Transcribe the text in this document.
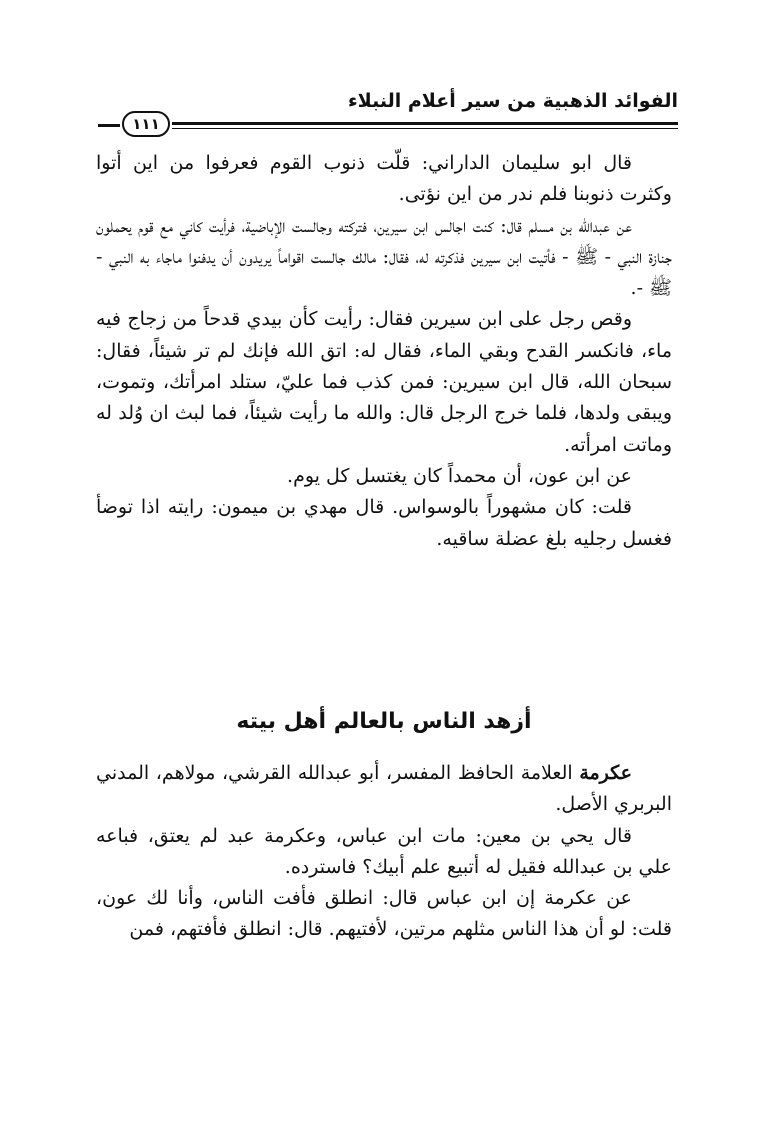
الفوائد الذهبية من سير أعلام النبلاء
١١١

قال ابو سليمان الداراني: قلّت ذنوب القوم فعرفوا من اين أتوا وكثرت ذنوبنا فلم ندر من اين نؤتى.

عن عبدالله بن مسلم قال: كنت اجالس ابن سيرين، فتركته وجالست الإباضية، فرأيت كاني مع قوم يحملون جنازة النبي - ﷺ - فأتيت ابن سيرين فذكرته له، فقال: مالك جالست اقواماً يريدون أن يدفنوا ماجاء به النبي - ﷺ -.

وقص رجل على ابن سيرين فقال: رأيت كأن بيدي قدحاً من زجاج فيه ماء، فانكسر القدح وبقي الماء، فقال له: اتق الله فإنك لم تر شيئاً، فقال: سبحان الله، قال ابن سيرين: فمن كذب فما عليّ، ستلد امرأتك، وتموت، ويبقى ولدها، فلما خرج الرجل قال: والله ما رأيت شيئاً، فما لبث ان وُلد له وماتت امرأته.

عن ابن عون، أن محمداً كان يغتسل كل يوم.

قلت: كان مشهوراً بالوسواس. قال مهدي بن ميمون: رايته اذا توضأ فغسل رجليه بلغ عضلة ساقيه.

أزهد الناس بالعالم أهل بيته

عكرمة العلامة الحافظ المفسر، أبو عبدالله القرشي، مولاهم، المدني البربري الأصل.

قال يحي بن معين: مات ابن عباس، وعكرمة عبد لم يعتق، فباعه علي بن عبدالله فقيل له أتبيع علم أبيك؟ فاسترده.

عن عكرمة إن ابن عباس قال: انطلق فأفت الناس، وأنا لك عون، قلت: لو أن هذا الناس مثلهم مرتين، لأفتيهم. قال: انطلق فأفتهم، فمن
